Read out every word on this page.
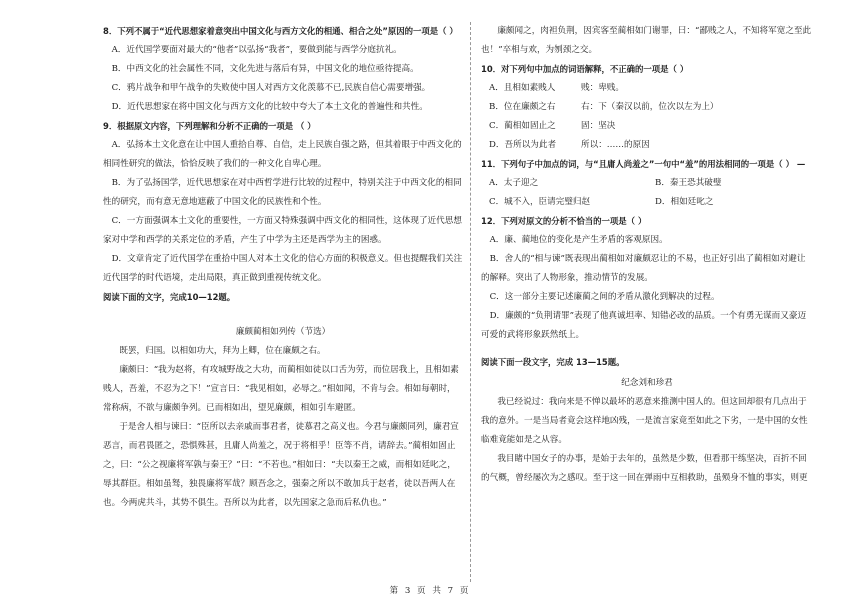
8．下列不属于“近代思想家着意突出中国文化与西方文化的相通、相合之处”原因的一项是（ ）

A．近代国学要面对最大的“他者”以弘扬“我者”，要做到能与西学分庭抗礼。

B．中西文化的社会属性不同，文化先进与落后有异，中国文化的地位亟待提高。

C．鸦片战争和甲午战争的失败使中国人对西方文化羡慕不已,民族自信心需要增强。

D．近代思想家在将中国文化与西方文化的比较中夸大了本土文化的普遍性和共性。

9．根据原文内容，下列理解和分析不正确的一项是 （ ）

A．弘扬本土文化意在让中国人重拾自尊、自信，走上民族自强之路，但其着眼于中西文化的相同性研究的做法，恰恰反映了我们的一种文化自卑心理。

B．为了弘扬国学，近代思想家在对中西哲学进行比较的过程中，特别关注于中西文化的相同性的研究，而有意无意地遮蔽了中国文化的民族性和个性。

C．一方面强调本土文化的重要性，一方面又特殊强调中西文化的相同性，这体现了近代思想家对中学和西学的关系定位的矛盾，产生了中学为主还是西学为主的困惑。

D．文章肯定了近代国学在重拾中国人对本土文化的信心方面的积极意义。但也提醒我们关注近代国学的时代语境，走出局限，真正做到重视传统文化。

阅读下面的文字，完成10—12题。

廉颇蔺相如列传（节选）

既罢，归国。以相如功大，拜为上卿，位在廉颇之右。

廉颇曰：“我为赵将，有攻城野战之大功，而蔺相如徒以口舌为劳，而位居我上，且相如素贱人，吾羞，不忍为之下！”宣言曰：“我见相如，必辱之。”相如闻，不肯与会。相如每朝时，常称病，不欲与廉颇争列。已而相如出，望见廉颇，相如引车避匿。

于是舍人相与谏曰：“臣所以去亲戚而事君者，徒慕君之高义也。今君与廉颇同列，廉君宣恶言，而君畏匿之，恐惧殊甚，且庸人尚羞之，况于将相乎！臣等不肖，请辞去。”蔺相如固止之，曰：“公之视廉将军孰与秦王？”曰：“不若也。”相如曰：“夫以秦王之威，而相如廷叱之，辱其群臣。相如虽驽，独畏廉将军哉？顾吾念之，强秦之所以不敢加兵于赵者，徒以吾两人在也。今两虎共斗，其势不俱生。吾所以为此者，以先国家之急而后私仇也。”

廉颇闻之，肉袒负荆，因宾客至蔺相如门谢罪，曰：“鄙贱之人，不知将军宽之至此也！”卒相与欢，为刎颈之交。

10．对下列句中加点的词语解释，不正确的一项是（ ）

A．且相如素贱人	贱：卑贱。
B．位在廉颇之右	右：下（秦汉以前，位次以左为上）
C．蔺相如固止之	固：坚决
D．吾所以为此者	所以：……的原因

11．下列句子中加点的词，与“且庸人尚羞之”一句中“羞”的用法相同的一项是（ ） —

A．太子迎之	B．秦王恐其破璧
C．城不入，臣请完璧归赵	D．相如廷叱之

12．下列对原文的分析不恰当的一项是（ ）

A．廉、蔺地位的变化是产生矛盾的客观原因。

B．舍人的“相与谏”既表现出蔺相如对廉颇忍让的不易，也正好引出了蔺相如对避让的解释。突出了人物形象，推动情节的发展。

C．这一部分主要记述廉蔺之间的矛盾从激化到解决的过程。

D．廉颇的“负荆请罪”表现了他真诚坦率、知错必改的品质。一个有勇无谋而又豪迈可爱的武将形象跃然纸上。

阅读下面一段文字，完成 13—15题。

纪念刘和珍君

我已经说过：我向来是不惮以最坏的恶意来推测中国人的。但这回却很有几点出于我的意外。一是当局者竟会这样地凶残，一是流言家竟至如此之下劣，一是中国的女性临难竟能如是之从容。

我目睹中国女子的办事，是始于去年的，虽然是少数，但看那干练坚决，百折不回的气概，曾经屡次为之感叹。至于这一回在弹雨中互相救助，虽殒身不恤的事实，则更

第 3 页 共 7 页
